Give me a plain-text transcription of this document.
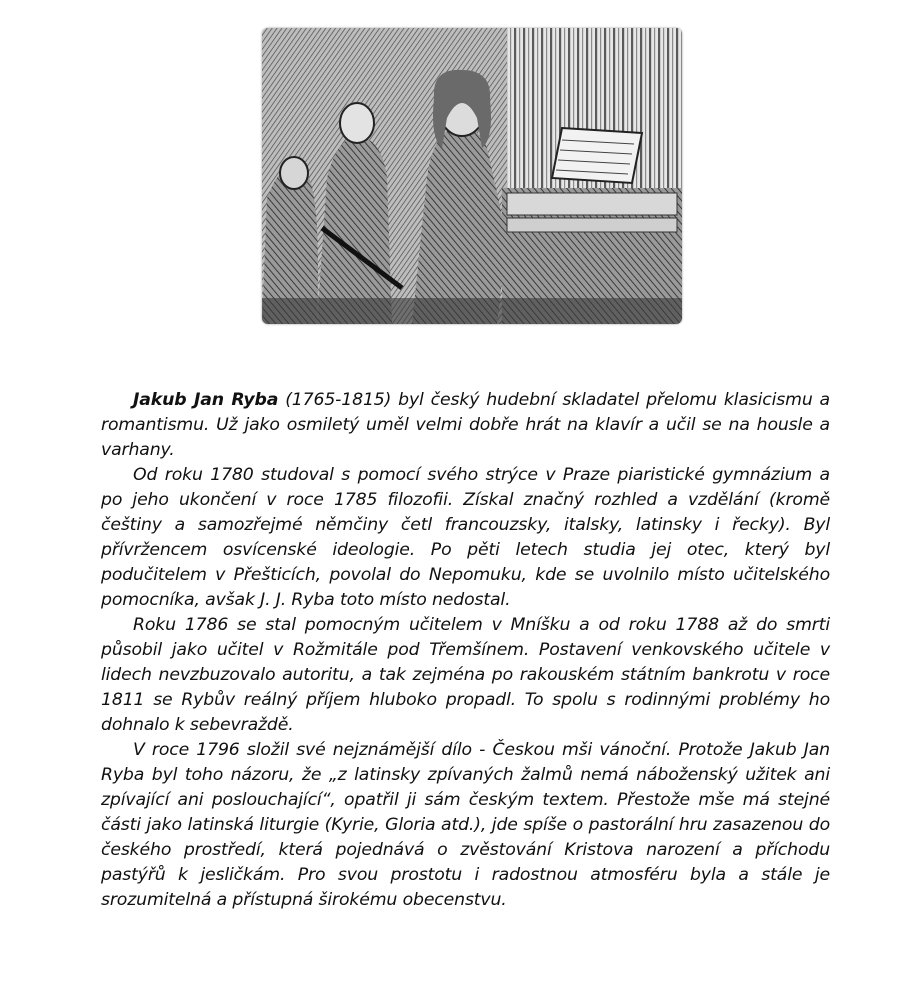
Jakub Jan Ryba (1765-1815) byl český hudební skladatel přelomu klasicismu a romantismu. Už jako osmiletý uměl velmi dobře hrát na klavír a učil se na housle a varhany.

Od roku 1780 studoval s pomocí svého strýce v Praze piaristické gymnázium a po jeho ukončení v roce 1785 filozofii. Získal značný rozhled a vzdělání (kromě češtiny a samozřejmé němčiny četl francouzsky, italsky, latinsky i řecky). Byl přívržencem osvícenské ideologie. Po pěti letech studia jej otec, který byl podučitelem v Přešticích, povolal do Nepomuku, kde se uvolnilo místo učitelského pomocníka, avšak J. J. Ryba toto místo nedostal.

Roku 1786 se stal pomocným učitelem v Mníšku a od roku 1788 až do smrti působil jako učitel v Rožmitále pod Třemšínem. Postavení venkovského učitele v lidech nevzbuzovalo autoritu, a tak zejména po rakouském státním bankrotu v roce 1811 se Rybův reálný příjem hluboko propadl. To spolu s rodinnými problémy ho dohnalo k sebevraždě.

V roce 1796 složil své nejznámější dílo - Českou mši vánoční. Protože Jakub Jan Ryba byl toho názoru, že „z latinsky zpívaných žalmů nemá náboženský užitek ani zpívající ani poslouchající“, opatřil ji sám českým textem. Přestože mše má stejné části jako latinská liturgie (Kyrie, Gloria atd.), jde spíše o pastorální hru zasazenou do českého prostředí, která pojednává o zvěstování Kristova narození a příchodu pastýřů k jesličkám. Pro svou prostotu i radostnou atmosféru byla a stále je srozumitelná a přístupná širokému obecenstvu.
